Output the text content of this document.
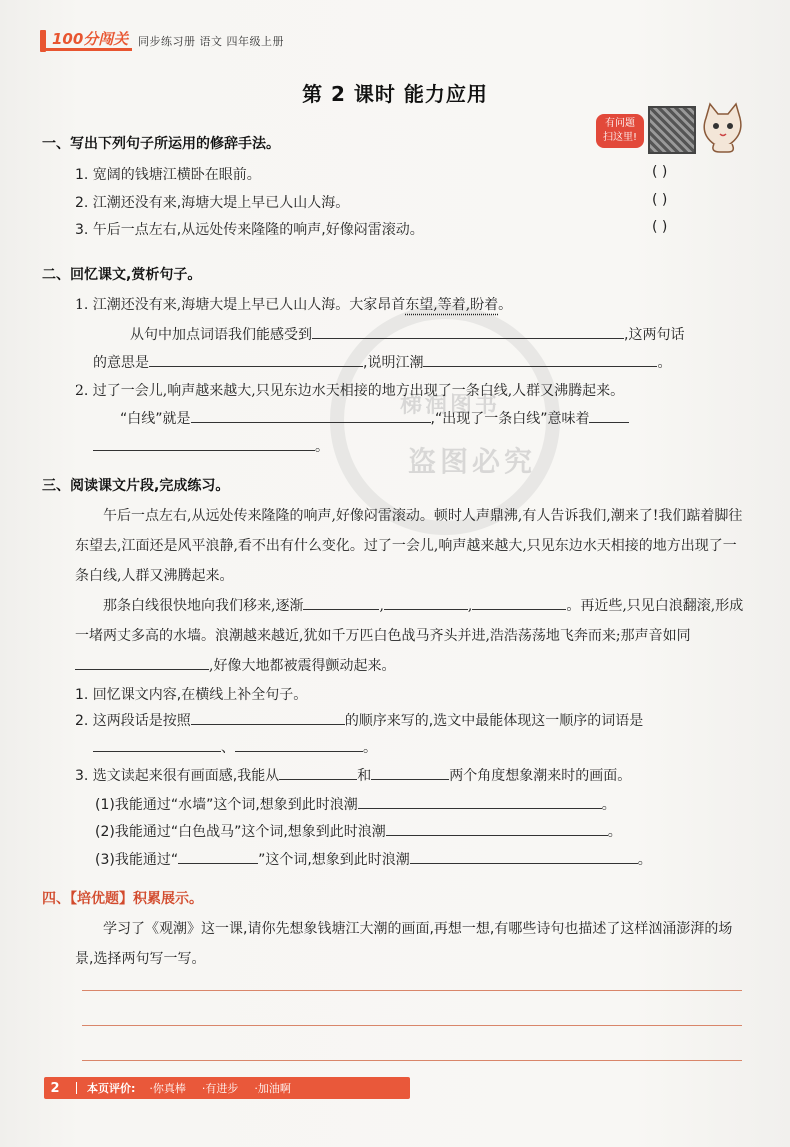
梯润图书
盗图必究
100分闯关 同步练习册 语文 四年级上册
第 2 课时 能力应用
有问题
扫这里!
一、写出下列句子所运用的修辞手法。
1. 宽阔的钱塘江横卧在眼前。	( )
2. 江潮还没有来,海塘大堤上早已人山人海。	( )
3. 午后一点左右,从远处传来隆隆的响声,好像闷雷滚动。	( )
二、回忆课文,赏析句子。
1. 江潮还没有来,海塘大堤上早已人山人海。大家昂首东望,等着,盼着。
从句中加点词语我们能感受到	,这两句话
的意思是	,说明江潮	。
2. 过了一会儿,响声越来越大,只见东边水天相接的地方出现了一条白线,人群又沸腾起来。
“白线”就是	,“出现了一条白线”意味着
。
三、阅读课文片段,完成练习。
午后一点左右,从远处传来隆隆的响声,好像闷雷滚动。顿时人声鼎沸,有人告诉我们,潮来了!我们踮着脚往东望去,江面还是风平浪静,看不出有什么变化。过了一会儿,响声越来越大,只见东边水天相接的地方出现了一条白线,人群又沸腾起来。
那条白线很快地向我们移来,逐渐	,	,	。再近些,只见白浪翻滚,形成一堵两丈多高的水墙。浪潮越来越近,犹如千万匹白色战马齐头并进,浩浩荡荡地飞奔而来;那声音如同,好像大地都被震得颤动起来。
1. 回忆课文内容,在横线上补全句子。
2. 这两段话是按照	的顺序来写的,选文中最能体现这一顺序的词语是
、	。
3. 选文读起来很有画面感,我能从	和	两个角度想象潮来时的画面。
(1)我能通过“水墙”这个词,想象到此时浪潮	。
(2)我能通过“白色战马”这个词,想象到此时浪潮	。
(3)我能通过“	”这个词,想象到此时浪潮	。
四、【培优题】积累展示。
学习了《观潮》这一课,请你先想象钱塘江大潮的画面,再想一想,有哪些诗句也描述了这样汹涌澎湃的场景,选择两句写一写。
2	本页评价: ·你真棒 ·有进步 ·加油啊
